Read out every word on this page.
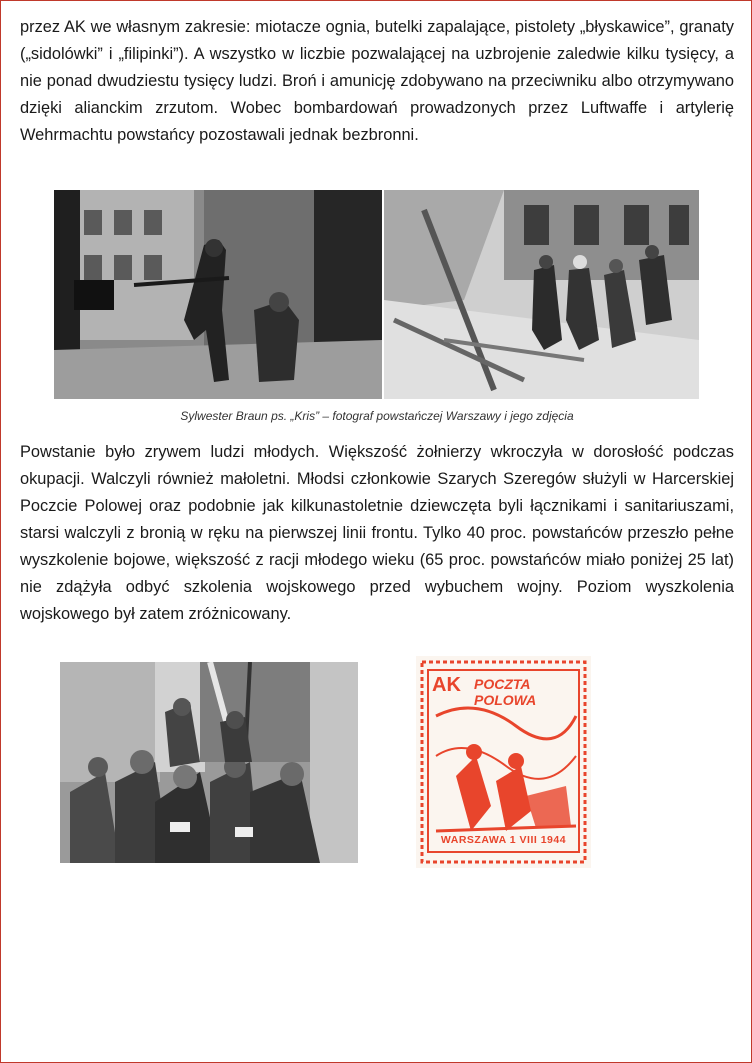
przez AK we własnym zakresie: miotacze ognia, butelki zapalające, pistolety „błyskawice”, granaty („sidolówki” i „filipinki”). A wszystko w liczbie pozwalającej na uzbrojenie zaledwie kilku tysięcy, a nie ponad dwudziestu tysięcy ludzi. Broń i amunicję zdobywano na przeciwniku albo otrzymywano dzięki alianckim zrzutom. Wobec bombardowań prowadzonych przez Luftwaffe i artylerię Wehrmachtu powstańcy pozostawali jednak bezbronni.

Sylwester Braun ps. „Kris” – fotograf powstańczej Warszawy i jego zdjęcia

Powstanie było zrywem ludzi młodych. Większość żołnierzy wkroczyła w dorosłość podczas okupacji. Walczyli również małoletni. Młodsi członkowie Szarych Szeregów służyli w Harcerskiej Poczcie Polowej oraz podobnie jak kilkunastoletnie dziewczęta byli łącznikami i sanitariuszami, starsi walczyli z bronią w ręku na pierwszej linii frontu. Tylko 40 proc. powstańców przeszło pełne wyszkolenie bojowe, większość z racji młodego wieku (65 proc. powstańców miało poniżej 25 lat) nie zdążyła odbyć szkolenia wojskowego przed wybuchem wojny. Poziom wyszkolenia wojskowego był zatem zróżnicowany.

AK POCZTA
POLOWA
WARSZAWA 1 VIII 1944
